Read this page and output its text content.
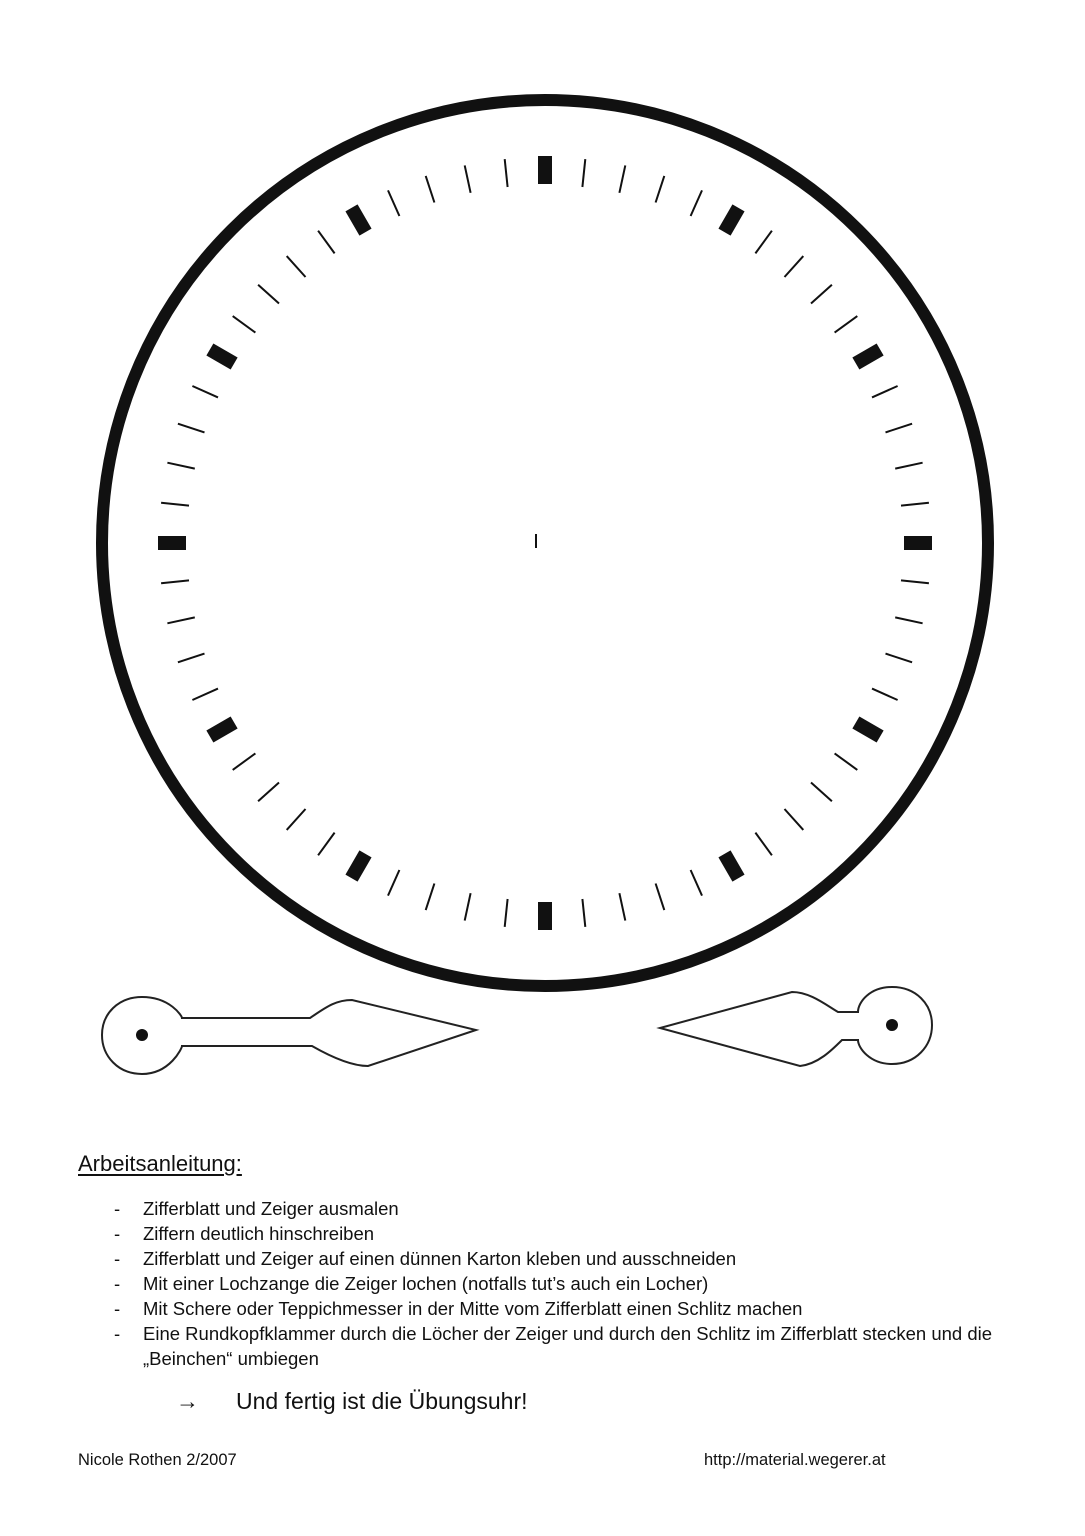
Arbeitsanleitung:
- Zifferblatt und Zeiger ausmalen
- Ziffern deutlich hinschreiben
- Zifferblatt und Zeiger auf einen dünnen Karton kleben und ausschneiden
- Mit einer Lochzange die Zeiger lochen (notfalls tut’s auch ein Locher)
- Mit Schere oder Teppichmesser in der Mitte vom Zifferblatt einen Schlitz machen
- Eine Rundkopfklammer durch die Löcher der Zeiger und durch den Schlitz im Zifferblatt stecken und die „Beinchen“ umbiegen
→ Und fertig ist die Übungsuhr!
Nicole Rothen 2/2007	http://material.wegerer.at
